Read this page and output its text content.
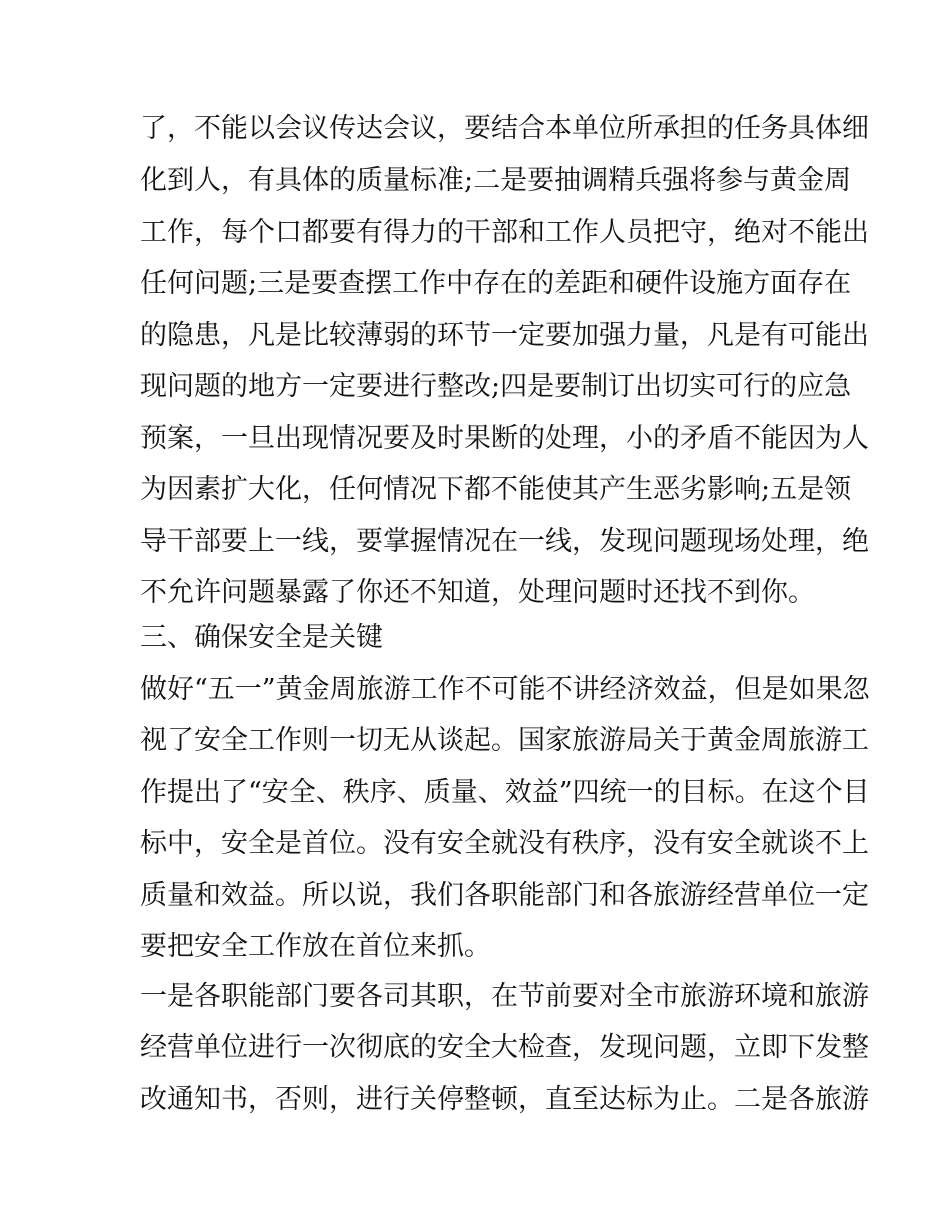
了，不能以会议传达会议，要结合本单位所承担的任务具体细

化到人，有具体的质量标准;二是要抽调精兵强将参与黄金周

工作，每个口都要有得力的干部和工作人员把守，绝对不能出

任何问题;三是要查摆工作中存在的差距和硬件设施方面存在

的隐患，凡是比较薄弱的环节一定要加强力量，凡是有可能出

现问题的地方一定要进行整改;四是要制订出切实可行的应急

预案，一旦出现情况要及时果断的处理，小的矛盾不能因为人

为因素扩大化，任何情况下都不能使其产生恶劣影响;五是领

导干部要上一线，要掌握情况在一线，发现问题现场处理，绝

不允许问题暴露了你还不知道，处理问题时还找不到你。

三、确保安全是关键

做好“五一”黄金周旅游工作不可能不讲经济效益，但是如果忽

视了安全工作则一切无从谈起。国家旅游局关于黄金周旅游工

作提出了“安全、秩序、质量、效益”四统一的目标。在这个目

标中，安全是首位。没有安全就没有秩序，没有安全就谈不上

质量和效益。所以说，我们各职能部门和各旅游经营单位一定

要把安全工作放在首位来抓。

一是各职能部门要各司其职，在节前要对全市旅游环境和旅游

经营单位进行一次彻底的安全大检查，发现问题，立即下发整

改通知书，否则，进行关停整顿，直至达标为止。二是各旅游
